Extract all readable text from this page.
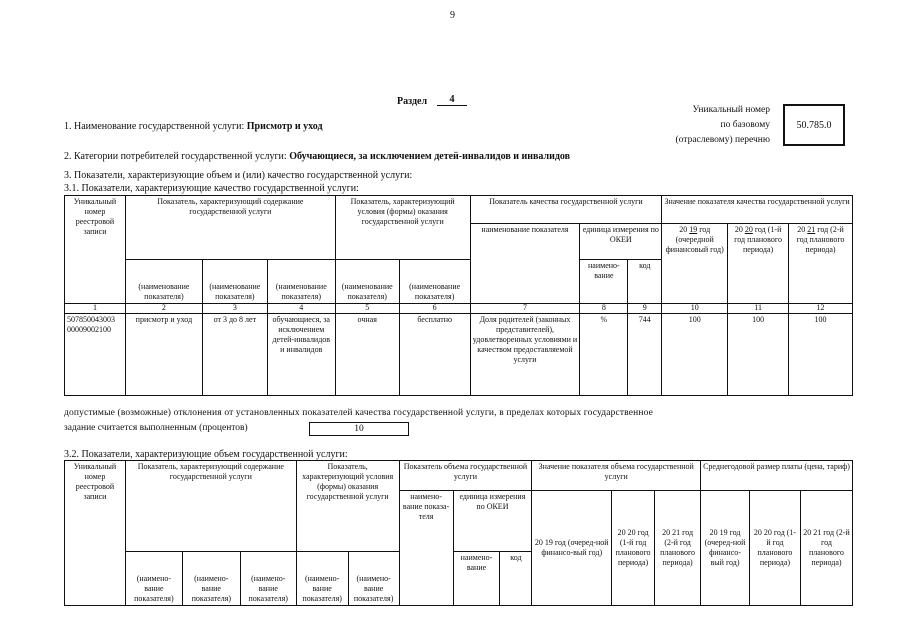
9
Раздел	4
Уникальный номер
по базовому
(отраслевому) перечню
50.785.0
1. Наименование государственной услуги: Присмотр и уход
2. Категории потребителей государственной услуги: Обучающиеся, за исключением детей-инвалидов и инвалидов
3. Показатели, характеризующие объем и (или) качество государственной услуги:
3.1. Показатели, характеризующие качество государственной услуги:
Уникальный номер реестровой записи	Показатель, характеризующий содержание государственной услуги			Показатель, характеризующий условия (формы) оказания государственной услуги		Показатель качества государственной услуги			Значение показателя качества государственной услуги		
						наименование показателя	единица измерения по ОКЕИ		20 19 год (очередной финансовый год)	20 20 год (1-й год планового периода)	20 21 год (2-й год планового периода)
	(наименование показателя)	(наименование показателя)	(наименование показателя)	(наименование показателя)	(наименование показателя)		наимено-вание	код			
1	2	3	4	5	6	7	8	9	10	11	12
507850043003 00009002100	присмотр и уход	от 3 до 8 лет	обучающиеся, за исключением детей-инвалидов и инвалидов	очная	бесплатно	Доля родителей (законных представителей), удовлетворенных условиями и качеством предоставляемой услуги	%	744	100	100	100
допустимые (возможные) отклонения от установленных показателей качества государственной услуги, в пределах которых государственное
задание считается выполненным (процентов)	10
3.2. Показатели, характеризующие объем государственной услуги:
Уникальный номер реестровой записи	Показатель, характеризующий содержание государственной услуги			Показатель, характеризующий условия (формы) оказания государственной услуги		Показатель объема государственной услуги			Значение показателя объема государственной услуги			Среднегодовой размер платы (цена, тариф)		
						наимено-вание показа-теля	единица измерения по ОКЕИ		20 19 год (очеред-ной финансо-вый год)	20 20 год (1-й год планового периода)	20 21 год (2-й год планового периода)	20 19 год (очеред-ной финансо-вый год)	20 20 год (1-й год планового периода)	20 21 год (2-й год планового периода)
	(наимено-вание показателя)	(наимено-вание показателя)	(наимено-вание показателя)	(наимено-вание показателя)	(наимено-вание показателя)		наимено-вание	код						
